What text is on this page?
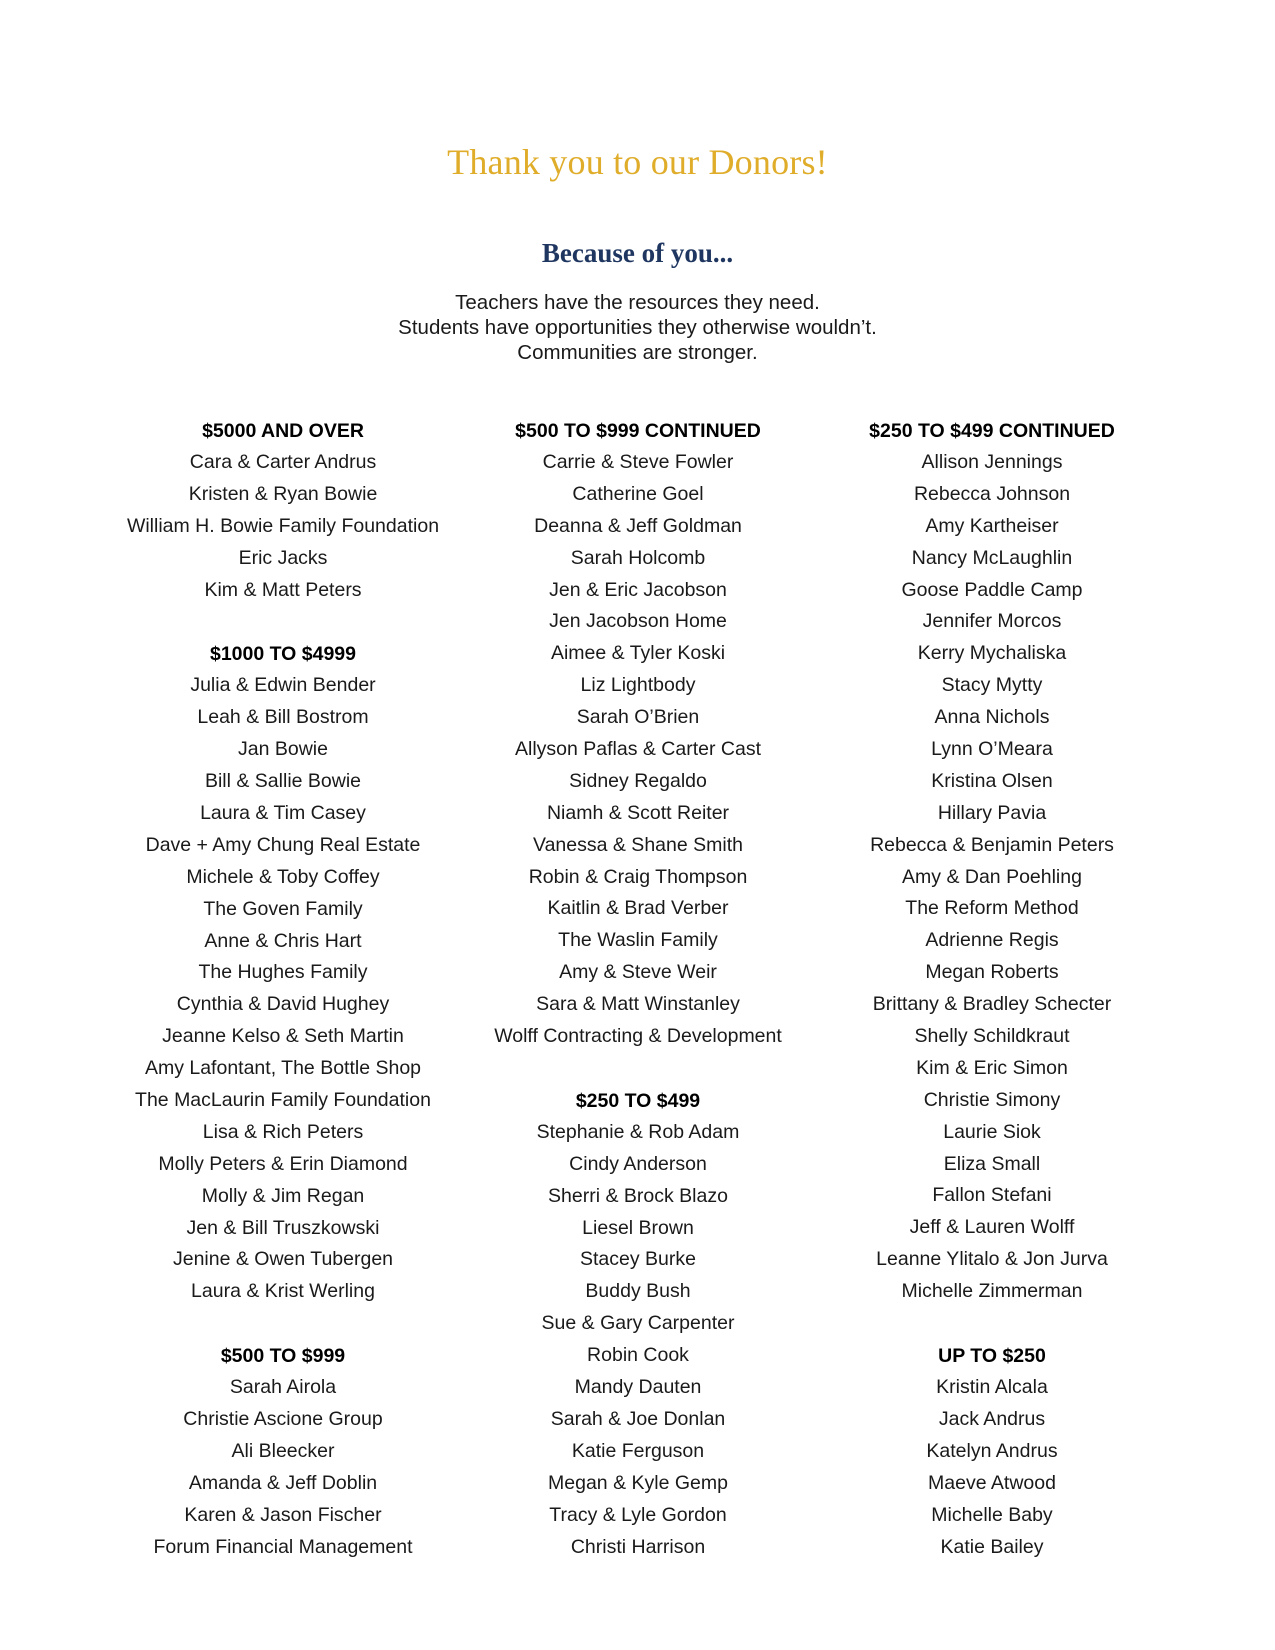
Thank you to our Donors!
Because of you...
Teachers have the resources they need.
Students have opportunities they otherwise wouldn’t.
Communities are stronger.
$5000 AND OVER
Cara & Carter Andrus
Kristen & Ryan Bowie
William H. Bowie Family Foundation
Eric Jacks
Kim & Matt Peters
$1000 TO $4999
Julia & Edwin Bender
Leah & Bill Bostrom
Jan Bowie
Bill & Sallie Bowie
Laura & Tim Casey
Dave + Amy Chung Real Estate
Michele & Toby Coffey
The Goven Family
Anne & Chris Hart
The Hughes Family
Cynthia & David Hughey
Jeanne Kelso & Seth Martin
Amy Lafontant, The Bottle Shop
The MacLaurin Family Foundation
Lisa & Rich Peters
Molly Peters & Erin Diamond
Molly & Jim Regan
Jen & Bill Truszkowski
Jenine & Owen Tubergen
Laura & Krist Werling
$500 TO $999
Sarah Airola
Christie Ascione Group
Ali Bleecker
Amanda & Jeff Doblin
Karen & Jason Fischer
Forum Financial Management
$500 TO $999 CONTINUED
Carrie & Steve Fowler
Catherine Goel
Deanna & Jeff Goldman
Sarah Holcomb
Jen & Eric Jacobson
Jen Jacobson Home
Aimee & Tyler Koski
Liz Lightbody
Sarah O’Brien
Allyson Paflas & Carter Cast
Sidney Regaldo
Niamh & Scott Reiter
Vanessa & Shane Smith
Robin & Craig Thompson
Kaitlin & Brad Verber
The Waslin Family
Amy & Steve Weir
Sara & Matt Winstanley
Wolff Contracting & Development
$250 TO $499
Stephanie & Rob Adam
Cindy Anderson
Sherri & Brock Blazo
Liesel Brown
Stacey Burke
Buddy Bush
Sue & Gary Carpenter
Robin Cook
Mandy Dauten
Sarah & Joe Donlan
Katie Ferguson
Megan & Kyle Gemp
Tracy & Lyle Gordon
Christi Harrison
$250 TO $499 CONTINUED
Allison Jennings
Rebecca Johnson
Amy Kartheiser
Nancy McLaughlin
Goose Paddle Camp
Jennifer Morcos
Kerry Mychaliska
Stacy Mytty
Anna Nichols
Lynn O’Meara
Kristina Olsen
Hillary Pavia
Rebecca & Benjamin Peters
Amy & Dan Poehling
The Reform Method
Adrienne Regis
Megan Roberts
Brittany & Bradley Schecter
Shelly Schildkraut
Kim & Eric Simon
Christie Simony
Laurie Siok
Eliza Small
Fallon Stefani
Jeff & Lauren Wolff
Leanne Ylitalo & Jon Jurva
Michelle Zimmerman
UP TO $250
Kristin Alcala
Jack Andrus
Katelyn Andrus
Maeve Atwood
Michelle Baby
Katie Bailey
